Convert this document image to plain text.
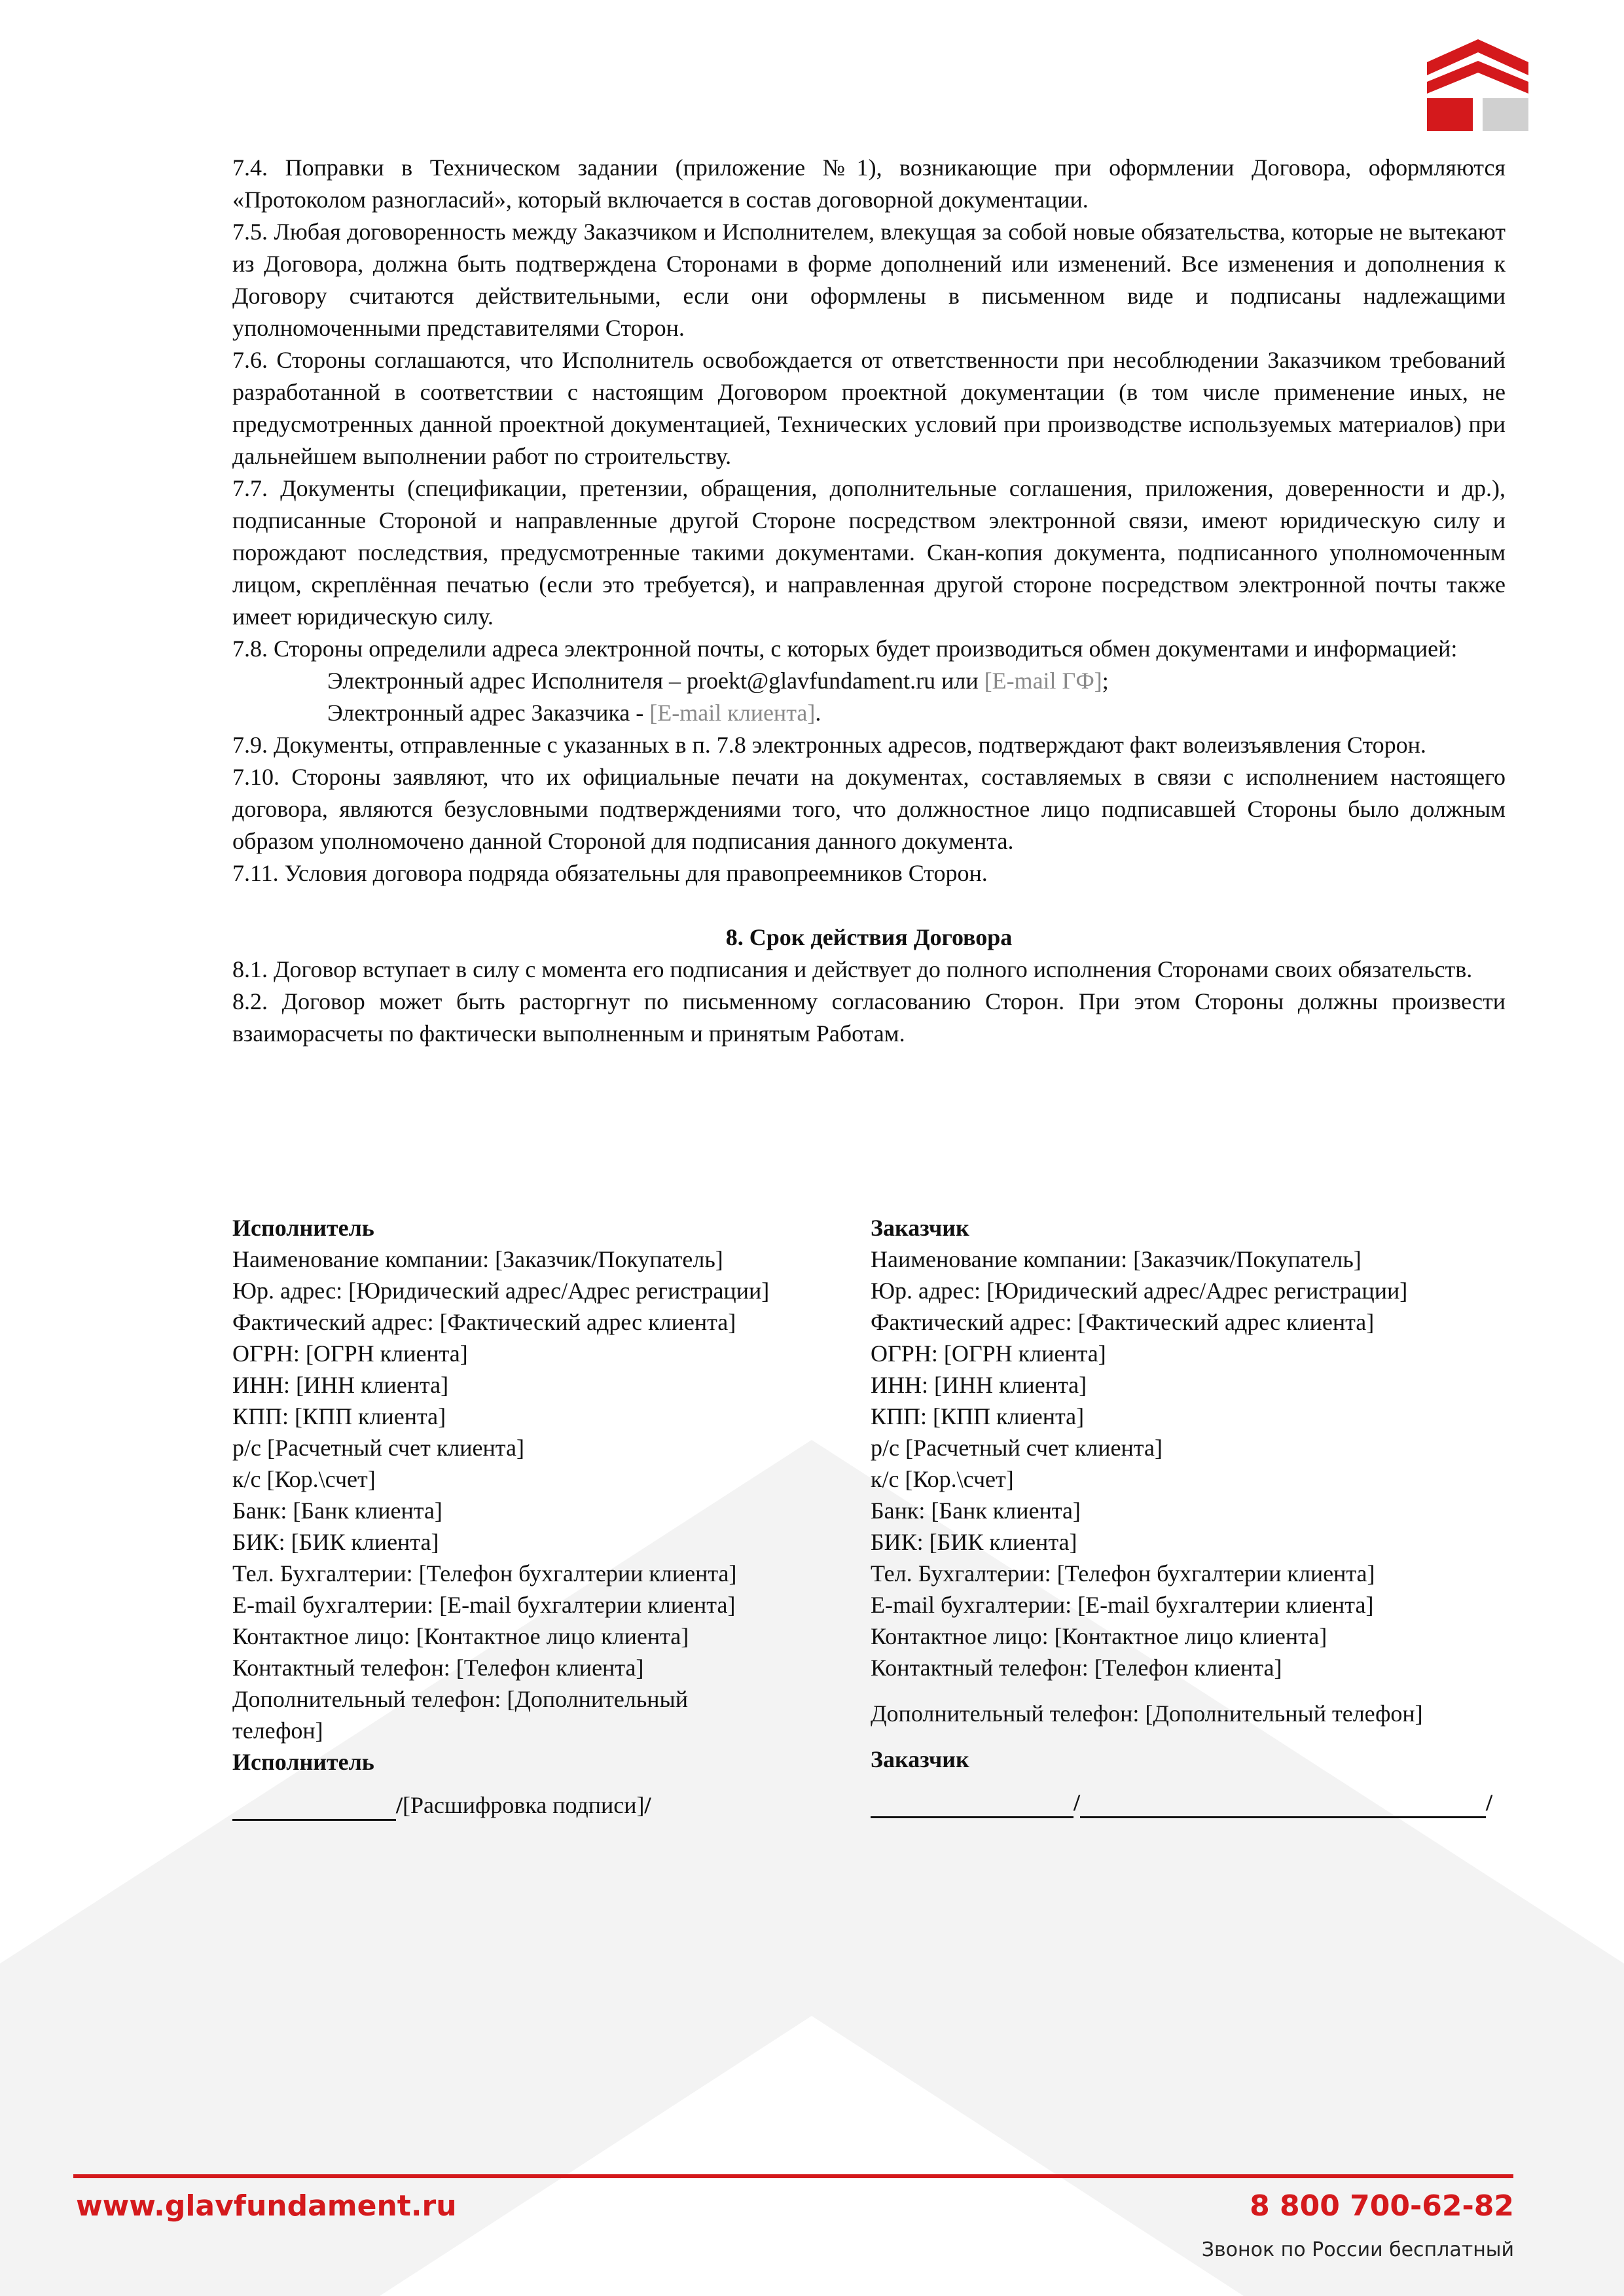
7.4. Поправки в Техническом задании (приложение №1), возникающие при оформлении Договора, оформляются «Протоколом разногласий», который включается в состав договорной документации.

7.5. Любая договоренность между Заказчиком и Исполнителем, влекущая за собой новые обязательства, которые не вытекают из Договора, должна быть подтверждена Сторонами в форме дополнений или изменений. Все изменения и дополнения к Договору считаются действительными, если они оформлены в письменном виде и подписаны надлежащими уполномоченными представителями Сторон.

7.6. Стороны соглашаются, что Исполнитель освобождается от ответственности при несоблюдении Заказчиком требований разработанной в соответствии с настоящим Договором проектной документации (в том числе применение иных, не предусмотренных данной проектной документацией, Технических условий при производстве используемых материалов) при дальнейшем выполнении работ по строительству.

7.7. Документы (спецификации, претензии, обращения, дополнительные соглашения, приложения, доверенности и др.), подписанные Стороной и направленные другой Стороне посредством электронной связи, имеют юридическую силу и порождают последствия, предусмотренные такими документами. Скан-копия документа, подписанного уполномоченным лицом, скреплённая печатью (если это требуется), и направленная другой стороне посредством электронной почты также имеет юридическую силу.

7.8. Стороны определили адреса электронной почты, с которых будет производиться обмен документами и информацией:

Электронный адрес Исполнителя – proekt@glavfundament.ru или [E-mail ГФ];

Электронный адрес Заказчика - [E-mail клиента].

7.9. Документы, отправленные с указанных в п. 7.8 электронных адресов, подтверждают факт волеизъявления Сторон.

7.10. Стороны заявляют, что их официальные печати на документах, составляемых в связи с исполнением настоящего договора, являются безусловными подтверждениями того, что должностное лицо подписавшей Стороны было должным образом уполномочено данной Стороной для подписания данного документа.

7.11. Условия договора подряда обязательны для правопреемников Сторон.

8. Срок действия Договора

8.1. Договор вступает в силу с момента его подписания и действует до полного исполнения Сторонами своих обязательств.

8.2. Договор может быть расторгнут по письменному согласованию Сторон. При этом Стороны должны произвести взаиморасчеты по фактически выполненным и принятым Работам.

Исполнитель

Наименование компании: [Заказчик/Покупатель]

Юр. адрес: [Юридический адрес/Адрес регистрации]

Фактический адрес: [Фактический адрес клиента]

ОГРН: [ОГРН клиента]

ИНН: [ИНН клиента]

КПП: [КПП клиента]

р/с [Расчетный счет клиента]

к/с [Кор.\счет]

Банк: [Банк клиента]

БИК: [БИК клиента]

Тел. Бухгалтерии: [Телефон бухгалтерии клиента]

E-mail бухгалтерии: [E-mail бухгалтерии клиента]

Контактное лицо: [Контактное лицо клиента]

Контактный телефон: [Телефон клиента]

Дополнительный телефон: [Дополнительный телефон]

Исполнитель

/[Расшифровка подписи]/

Заказчик

Наименование компании: [Заказчик/Покупатель]

Юр. адрес: [Юридический адрес/Адрес регистрации]

Фактический адрес: [Фактический адрес клиента]

ОГРН: [ОГРН клиента]

ИНН: [ИНН клиента]

КПП: [КПП клиента]

р/с [Расчетный счет клиента]

к/с [Кор.\счет]

Банк: [Банк клиента]

БИК: [БИК клиента]

Тел. Бухгалтерии: [Телефон бухгалтерии клиента]

E-mail бухгалтерии: [E-mail бухгалтерии клиента]

Контактное лицо: [Контактное лицо клиента]

Контактный телефон: [Телефон клиента]

Дополнительный телефон: [Дополнительный телефон]

Заказчик

/	/

www.glavfundament.ru	8 800 700-62-82
Звонок по России бесплатный
